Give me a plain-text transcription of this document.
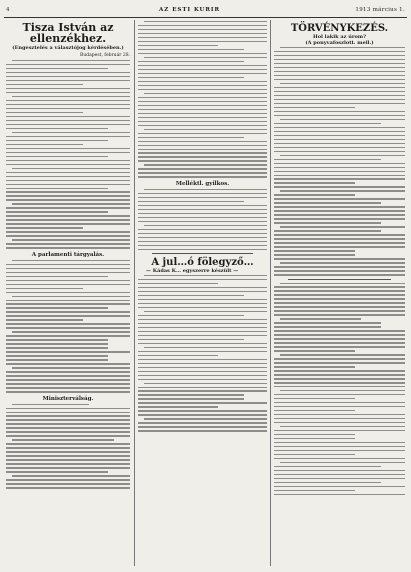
4	AZ ESTI KURIR	1913 március 1.
Tisza István az ellenzékhez.
(Engesztelés a választójog kérdésében.)
Budapest, február 28.
A parlamenti tárgyalás.
Miniszterválság.
Melléktl. gyilkos.
A jul…ó fölegyző…
— Kádas K… egyszerre készült —
TÖRVÉNYKEZÉS.
Hol lakik az úrom?
(A ponyvafoszlott. mell.)
